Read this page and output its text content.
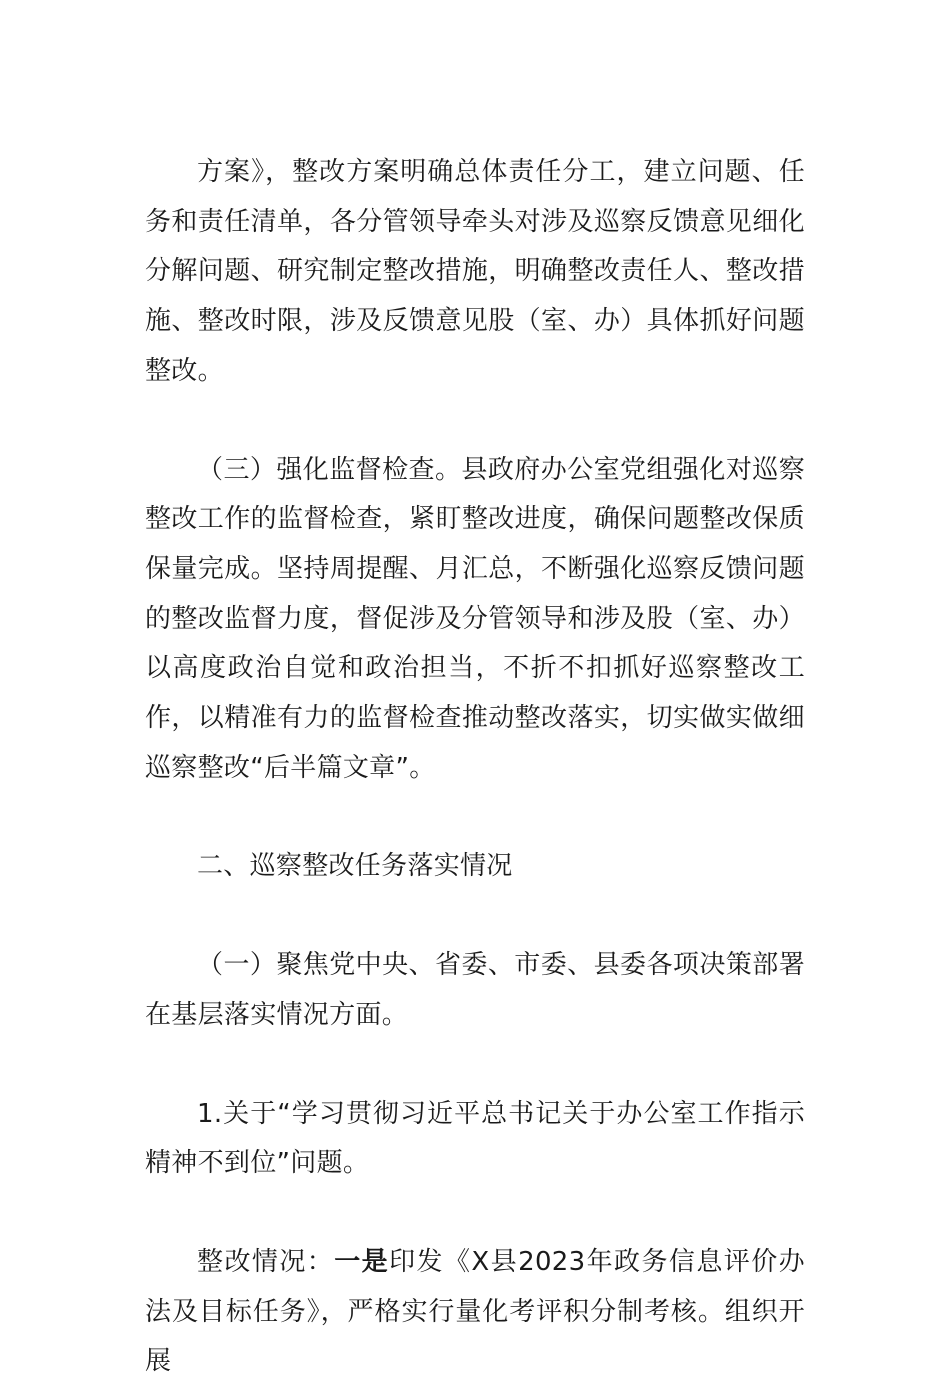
方案》，整改方案明确总体责任分工，建立问题、任务和责任清单，各分管领导牵头对涉及巡察反馈意见细化分解问题、研究制定整改措施，明确整改责任人、整改措施、整改时限，涉及反馈意见股（室、办）具体抓好问题整改。

（三）强化监督检查。县政府办公室党组强化对巡察整改工作的监督检查，紧盯整改进度，确保问题整改保质保量完成。坚持周提醒、月汇总，不断强化巡察反馈问题的整改监督力度，督促涉及分管领导和涉及股（室、办）以高度政治自觉和政治担当，不折不扣抓好巡察整改工作，以精准有力的监督检查推动整改落实，切实做实做细巡察整改“后半篇文章”。

二、巡察整改任务落实情况

（一）聚焦党中央、省委、市委、县委各项决策部署在基层落实情况方面。

1.关于“学习贯彻习近平总书记关于办公室工作指示精神不到位”问题。

整改情况：一是印发《X县2023年政务信息评价办法及目标任务》，严格实行量化考评积分制考核。组织开展
